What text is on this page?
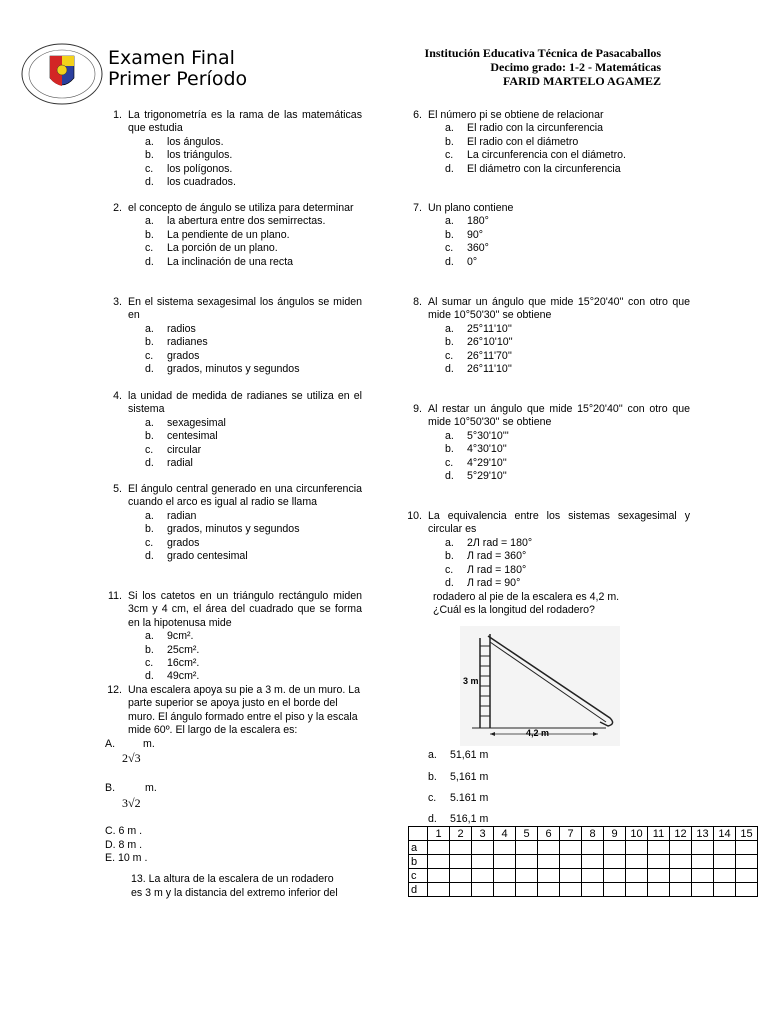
Examen Final
Primer Período
Institución Educativa Técnica de Pasacaballos
Decimo grado: 1-2 - Matemáticas
FARID MARTELO AGAMEZ
1. La trigonometría es la rama de las matemáticas que estudia
a.	los ángulos.
b.	los triángulos.
c.	los polígonos.
d.	los cuadrados.
2. el concepto de ángulo se utiliza para determinar
a.	la abertura entre dos semirrectas.
b.	La pendiente de un plano.
c.	La porción de un plano.
d.	La inclinación de una recta
3. En el sistema sexagesimal los ángulos se miden en
a.	radios
b.	radianes
c.	grados
d.	grados, minutos y segundos
4. la unidad de medida de radianes se utiliza en el sistema
a.	sexagesimal
b.	centesimal
c.	circular
d.	radial
5. El ángulo central generado en una circunferencia cuando el arco es igual al radio se llama
a.	radian
b.	grados, minutos y segundos
c.	grados
d.	grado centesimal
11. Si los catetos en un triángulo rectángulo miden 3cm y 4 cm, el área del cuadrado que se forma en la hipotenusa mide
a.	9cm².
b.	25cm².
c.	16cm².
d.	49cm².
12. Una escalera apoya su pie a 3 m. de un muro. La parte superior se apoya justo en el borde del muro. El ángulo formado entre el piso y la escala mide 60º. El largo de la escalera es:
A.	m.
2√3
B.	m.
3√2
C. 6 m .
D. 8 m .
E. 10 m .
13. La altura de la escalera de un rodadero
es 3 m y la distancia del extremo inferior del
6. El número pi se obtiene de relacionar
a.	El radio con la circunferencia
b.	El radio con el diámetro
c.	La circunferencia con el diámetro.
d.	El diámetro con la circunferencia
7. Un plano contiene
a.	180°
b.	90°
c.	360°
d.	0°
8. Al sumar un ángulo que mide 15°20'40'' con otro que mide 10°50'30'' se obtiene
a.	25°11'10''
b.	26°10'10''
c.	26°11'70''
d.	26°11'10''
9. Al restar un ángulo que mide 15°20'40'' con otro que mide 10°50'30'' se obtiene
a.	5°30'10'''
b.	4°30'10''
c.	4°29'10''
d.	5°29'10''
10. La equivalencia entre los sistemas sexagesimal y circular es
a.	2Л rad = 180°
b.	Л rad = 360°
c.	Л rad = 180°
d.	Л rad = 90°
rodadero al pie de la escalera es 4,2 m.
¿Cuál es la longitud del rodadero?
3 m
4,2 m
a. 51,61 m
b. 5,161 m
c. 5.161 m
d. 516,1 m
	1	2	3	4	5	6	7	8	9	10	11	12	13	14	15
a															
b															
c															
d															
